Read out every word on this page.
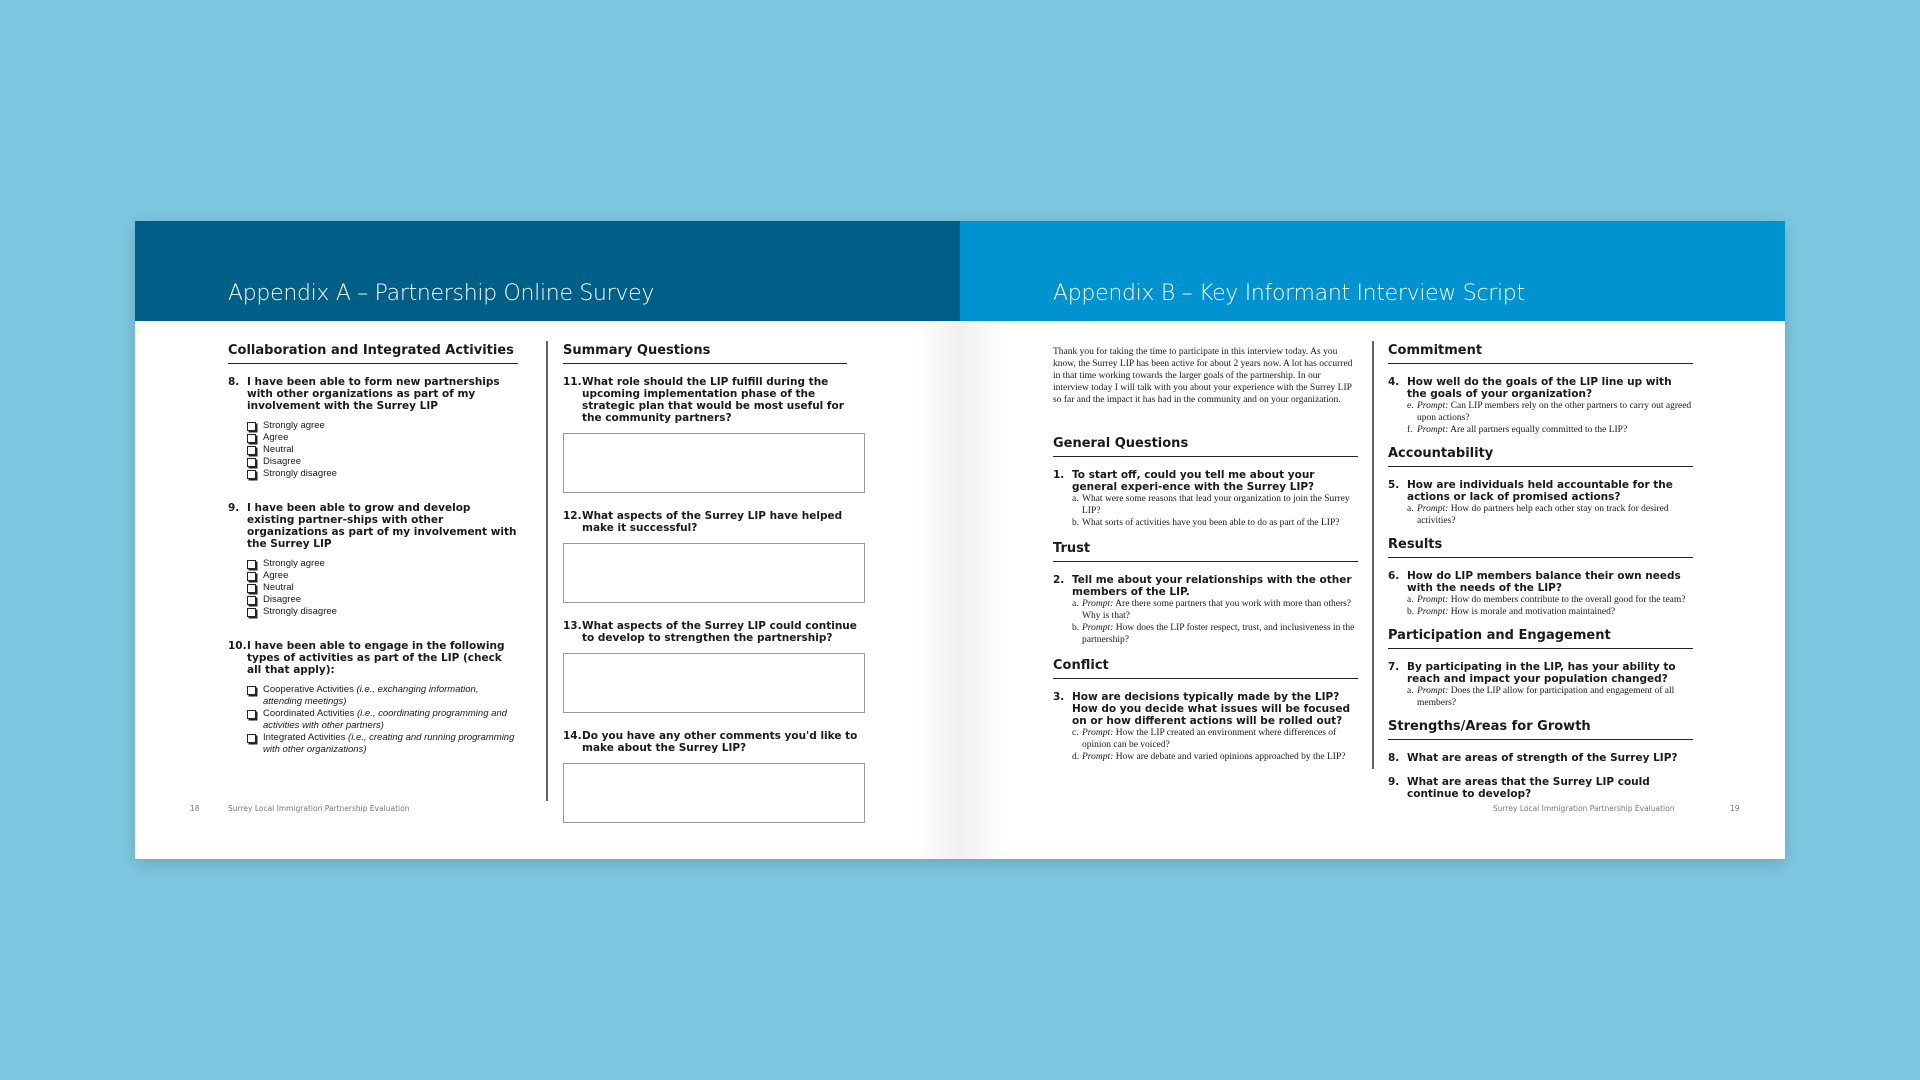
Appendix A – Partnership Online Survey
Collaboration and Integrated Activities
8. I have been able to form new partnerships with other organizations as part of my involvement with the Surrey LIP
Strongly agree
Agree
Neutral
Disagree
Strongly disagree
9. I have been able to grow and develop existing partner-ships with other organizations as part of my involvement with the Surrey LIP
Strongly agree
Agree
Neutral
Disagree
Strongly disagree
10. I have been able to engage in the following types of activities as part of the LIP (check all that apply):
Cooperative Activities (i.e., exchanging information, attending meetings)
Coordinated Activities (i.e., coordinating programming and activities with other partners)
Integrated Activities (i.e., creating and running programming with other organizations)
Summary Questions
11. What role should the LIP fulfill during the upcoming implementation phase of the strategic plan that would be most useful for the community partners?
12. What aspects of the Surrey LIP have helped make it successful?
13. What aspects of the Surrey LIP could continue to develop to strengthen the partnership?
14. Do you have any other comments you'd like to make about the Surrey LIP?
18	Surrey Local Immigration Partnership Evaluation
Appendix B – Key Informant Interview Script
Thank you for taking the time to participate in this interview today. As you know, the Surrey LIP has been active for about 2 years now. A lot has occurred in that time working towards the larger goals of the partnership. In our interview today I will talk with you about your experience with the Surrey LIP so far and the impact it has had in the community and on your organization.
General Questions
1. To start off, could you tell me about your general experi-ence with the Surrey LIP?
a. What were some reasons that lead your organization to join the Surrey LIP?
b. What sorts of activities have you been able to do as part of the LIP?
Trust
2. Tell me about your relationships with the other members of the LIP.
a. Prompt: Are there some partners that you work with more than others? Why is that?
b. Prompt: How does the LIP foster respect, trust, and inclusiveness in the partnership?
Conflict
3. How are decisions typically made by the LIP? How do you decide what issues will be focused on or how different actions will be rolled out?
c. Prompt: How the LIP created an environment where differences of opinion can be voiced?
d. Prompt: How are debate and varied opinions approached by the LIP?
Commitment
4. How well do the goals of the LIP line up with the goals of your organization?
e. Prompt: Can LIP members rely on the other partners to carry out agreed upon actions?
f. Prompt: Are all partners equally committed to the LIP?
Accountability
5. How are individuals held accountable for the actions or lack of promised actions?
a. Prompt: How do partners help each other stay on track for desired activities?
Results
6. How do LIP members balance their own needs with the needs of the LIP?
a. Prompt: How do members contribute to the overall good for the team?
b. Prompt: How is morale and motivation maintained?
Participation and Engagement
7. By participating in the LIP, has your ability to reach and impact your population changed?
a. Prompt: Does the LIP allow for participation and engagement of all members?
Strengths/Areas for Growth
8. What are areas of strength of the Surrey LIP?
9. What are areas that the Surrey LIP could continue to develop?
Surrey Local Immigration Partnership Evaluation	19
